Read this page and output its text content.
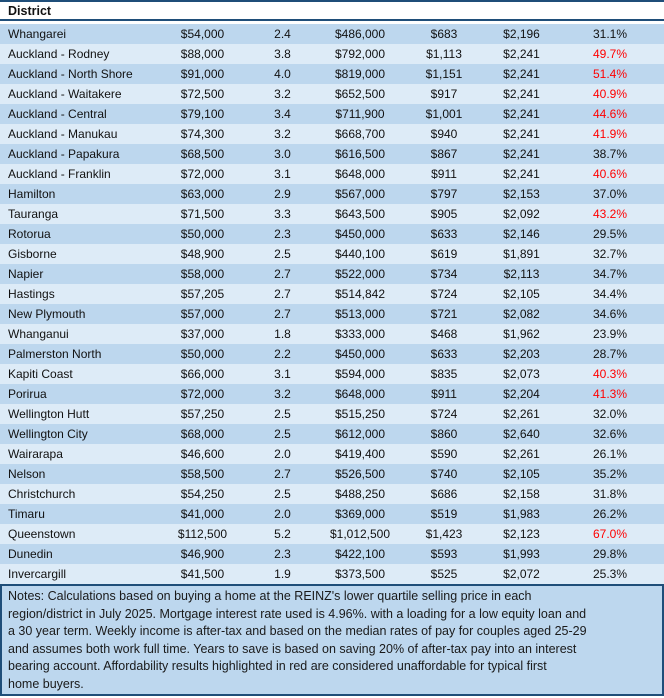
District
Whangarei	$54,000	2.4	$486,000	$683	$2,196	31.1%
Auckland - Rodney	$88,000	3.8	$792,000	$1,113	$2,241	49.7%
Auckland - North Shore	$91,000	4.0	$819,000	$1,151	$2,241	51.4%
Auckland - Waitakere	$72,500	3.2	$652,500	$917	$2,241	40.9%
Auckland - Central	$79,100	3.4	$711,900	$1,001	$2,241	44.6%
Auckland - Manukau	$74,300	3.2	$668,700	$940	$2,241	41.9%
Auckland - Papakura	$68,500	3.0	$616,500	$867	$2,241	38.7%
Auckland - Franklin	$72,000	3.1	$648,000	$911	$2,241	40.6%
Hamilton	$63,000	2.9	$567,000	$797	$2,153	37.0%
Tauranga	$71,500	3.3	$643,500	$905	$2,092	43.2%
Rotorua	$50,000	2.3	$450,000	$633	$2,146	29.5%
Gisborne	$48,900	2.5	$440,100	$619	$1,891	32.7%
Napier	$58,000	2.7	$522,000	$734	$2,113	34.7%
Hastings	$57,205	2.7	$514,842	$724	$2,105	34.4%
New Plymouth	$57,000	2.7	$513,000	$721	$2,082	34.6%
Whanganui	$37,000	1.8	$333,000	$468	$1,962	23.9%
Palmerston North	$50,000	2.2	$450,000	$633	$2,203	28.7%
Kapiti Coast	$66,000	3.1	$594,000	$835	$2,073	40.3%
Porirua	$72,000	3.2	$648,000	$911	$2,204	41.3%
Wellington Hutt	$57,250	2.5	$515,250	$724	$2,261	32.0%
Wellington City	$68,000	2.5	$612,000	$860	$2,640	32.6%
Wairarapa	$46,600	2.0	$419,400	$590	$2,261	26.1%
Nelson	$58,500	2.7	$526,500	$740	$2,105	35.2%
Christchurch	$54,250	2.5	$488,250	$686	$2,158	31.8%
Timaru	$41,000	2.0	$369,000	$519	$1,983	26.2%
Queenstown	$112,500	5.2	$1,012,500	$1,423	$2,123	67.0%
Dunedin	$46,900	2.3	$422,100	$593	$1,993	29.8%
Invercargill	$41,500	1.9	$373,500	$525	$2,072	25.3%
Notes: Calculations based on buying a home at the REINZ's lower quartile selling price in each
region/district in July 2025. Mortgage interest rate used is 4.96%. with a loading for a low equity loan and
a 30 year term. Weekly income is after-tax and based on the median rates of pay for couples aged 25-29
and assumes both work full time. Years to save is based on saving 20% of after-tax pay into an interest
bearing account. Affordability results highlighted in red are considered unaffordable for typical first
home buyers.
